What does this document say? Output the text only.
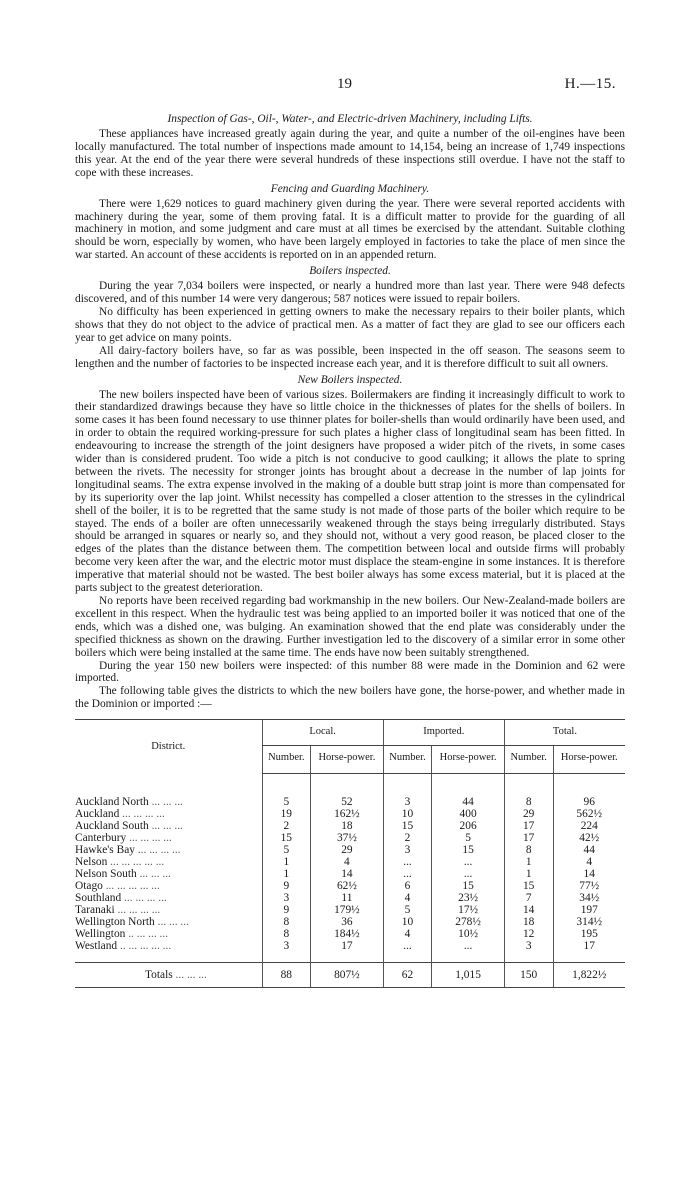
19	H.—15.
Inspection of Gas-, Oil-, Water-, and Electric-driven Machinery, including Lifts.

These appliances have increased greatly again during the year, and quite a number of the oil-engines have been locally manufactured. The total number of inspections made amount to 14,154, being an increase of 1,749 inspections this year. At the end of the year there were several hundreds of these inspections still overdue. I have not the staff to cope with these increases.

Fencing and Guarding Machinery.

There were 1,629 notices to guard machinery given during the year. There were several reported accidents with machinery during the year, some of them proving fatal. It is a difficult matter to provide for the guarding of all machinery in motion, and some judgment and care must at all times be exercised by the attendant. Suitable clothing should be worn, especially by women, who have been largely employed in factories to take the place of men since the war started. An account of these accidents is reported on in an appended return.

Boilers inspected.

During the year 7,034 boilers were inspected, or nearly a hundred more than last year. There were 948 defects discovered, and of this number 14 were very dangerous; 587 notices were issued to repair boilers.

No difficulty has been experienced in getting owners to make the necessary repairs to their boiler plants, which shows that they do not object to the advice of practical men. As a matter of fact they are glad to see our officers each year to get advice on many points.

All dairy-factory boilers have, so far as was possible, been inspected in the off season. The seasons seem to lengthen and the number of factories to be inspected increase each year, and it is therefore difficult to suit all owners.

New Boilers inspected.

The new boilers inspected have been of various sizes. Boilermakers are finding it increasingly difficult to work to their standardized drawings because they have so little choice in the thicknesses of plates for the shells of boilers. In some cases it has been found necessary to use thinner plates for boiler-shells than would ordinarily have been used, and in order to obtain the required working-pressure for such plates a higher class of longitudinal seam has been fitted. In endeavouring to increase the strength of the joint designers have proposed a wider pitch of the rivets, in some cases wider than is considered prudent. Too wide a pitch is not conducive to good caulking; it allows the plate to spring between the rivets. The necessity for stronger joints has brought about a decrease in the number of lap joints for longitudinal seams. The extra expense involved in the making of a double butt strap joint is more than compensated for by its superiority over the lap joint. Whilst necessity has compelled a closer attention to the stresses in the cylindrical shell of the boiler, it is to be regretted that the same study is not made of those parts of the boiler which require to be stayed. The ends of a boiler are often unnecessarily weakened through the stays being irregularly distributed. Stays should be arranged in squares or nearly so, and they should not, without a very good reason, be placed closer to the edges of the plates than the distance between them. The competition between local and outside firms will probably become very keen after the war, and the electric motor must displace the steam-engine in some instances. It is therefore imperative that material should not be wasted. The best boiler always has some excess material, but it is placed at the parts subject to the greatest deterioration.

No reports have been received regarding bad workmanship in the new boilers. Our New-Zealand-made boilers are excellent in this respect. When the hydraulic test was being applied to an imported boiler it was noticed that one of the ends, which was a dished one, was bulging. An examination showed that the end plate was considerably under the specified thickness as shown on the drawing. Further investigation led to the discovery of a similar error in some other boilers which were being installed at the same time. The ends have now been suitably strengthened.

During the year 150 new boilers were inspected: of this number 88 were made in the Dominion and 62 were imported.

The following table gives the districts to which the new boilers have gone, the horse-power, and whether made in the Dominion or imported :—

District.	Local.		Imported.		Total.	
	Number.	Horse-power.	Number.	Horse-power.	Number.	Horse-power.
Auckland North ... ... ...	5	52	3	44	8	96
Auckland ... ... ... ...	19	162½	10	400	29	562½
Auckland South ... ... ...	2	18	15	206	17	224
Canterbury ... ... ... ...	15	37½	2	5	17	42½
Hawke's Bay ... ... ... ...	5	29	3	15	8	44
Nelson ... ... ... ... ...	1	4	...	...	1	4
Nelson South ... ... ...	1	14	...	...	1	14
Otago ... ... ... ... ...	9	62½	6	15	15	77½
Southland ... ... ... ...	3	11	4	23½	7	34½
Taranaki ... ... ... ...	9	179½	5	17½	14	197
Wellington North ... ... ...	8	36	10	278½	18	314½
Wellington .. ... ... ...	8	184½	4	10½	12	195
Westland .. ... ... ... ...	3	17	...	...	3	17
Totals ... ... ...	88	807½	62	1,015	150	1,822½
